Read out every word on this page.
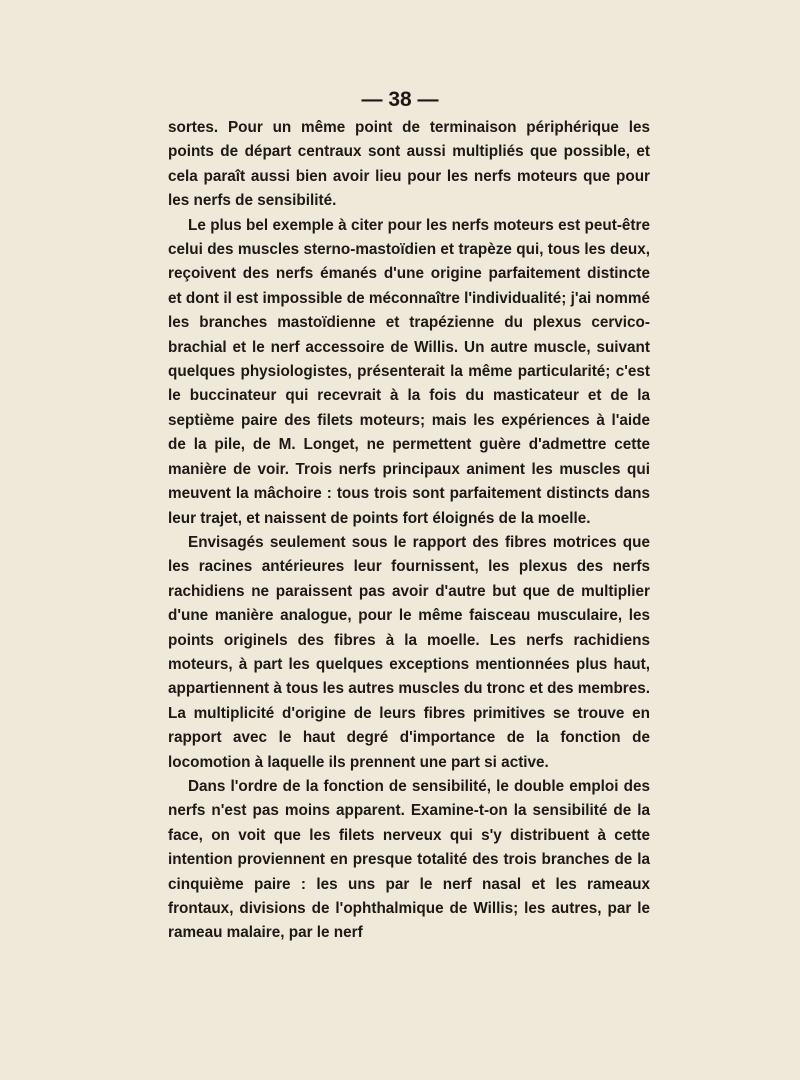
— 38 —

sortes. Pour un même point de terminaison périphérique les points de départ centraux sont aussi multipliés que possible, et cela paraît aussi bien avoir lieu pour les nerfs moteurs que pour les nerfs de sensibilité.

Le plus bel exemple à citer pour les nerfs moteurs est peut-être celui des muscles sterno-mastoïdien et trapèze qui, tous les deux, reçoivent des nerfs émanés d'une origine parfaitement distincte et dont il est impossible de méconnaître l'individualité; j'ai nommé les branches mastoïdienne et trapézienne du plexus cervico-brachial et le nerf accessoire de Willis. Un autre muscle, suivant quelques physiologistes, présenterait la même particularité; c'est le buccinateur qui recevrait à la fois du masticateur et de la septième paire des filets moteurs; mais les expériences à l'aide de la pile, de M. Longet, ne permettent guère d'admettre cette manière de voir. Trois nerfs principaux animent les muscles qui meuvent la mâchoire : tous trois sont parfaitement distincts dans leur trajet, et naissent de points fort éloignés de la moelle.

Envisagés seulement sous le rapport des fibres motrices que les racines antérieures leur fournissent, les plexus des nerfs rachidiens ne paraissent pas avoir d'autre but que de multiplier d'une manière analogue, pour le même faisceau musculaire, les points originels des fibres à la moelle. Les nerfs rachidiens moteurs, à part les quelques exceptions mentionnées plus haut, appartiennent à tous les autres muscles du tronc et des membres. La multiplicité d'origine de leurs fibres primitives se trouve en rapport avec le haut degré d'importance de la fonction de locomotion à laquelle ils prennent une part si active.

Dans l'ordre de la fonction de sensibilité, le double emploi des nerfs n'est pas moins apparent. Examine-t-on la sensibilité de la face, on voit que les filets nerveux qui s'y distribuent à cette intention proviennent en presque totalité des trois branches de la cinquième paire : les uns par le nerf nasal et les rameaux frontaux, divisions de l'ophthalmique de Willis; les autres, par le rameau malaire, par le nerf
